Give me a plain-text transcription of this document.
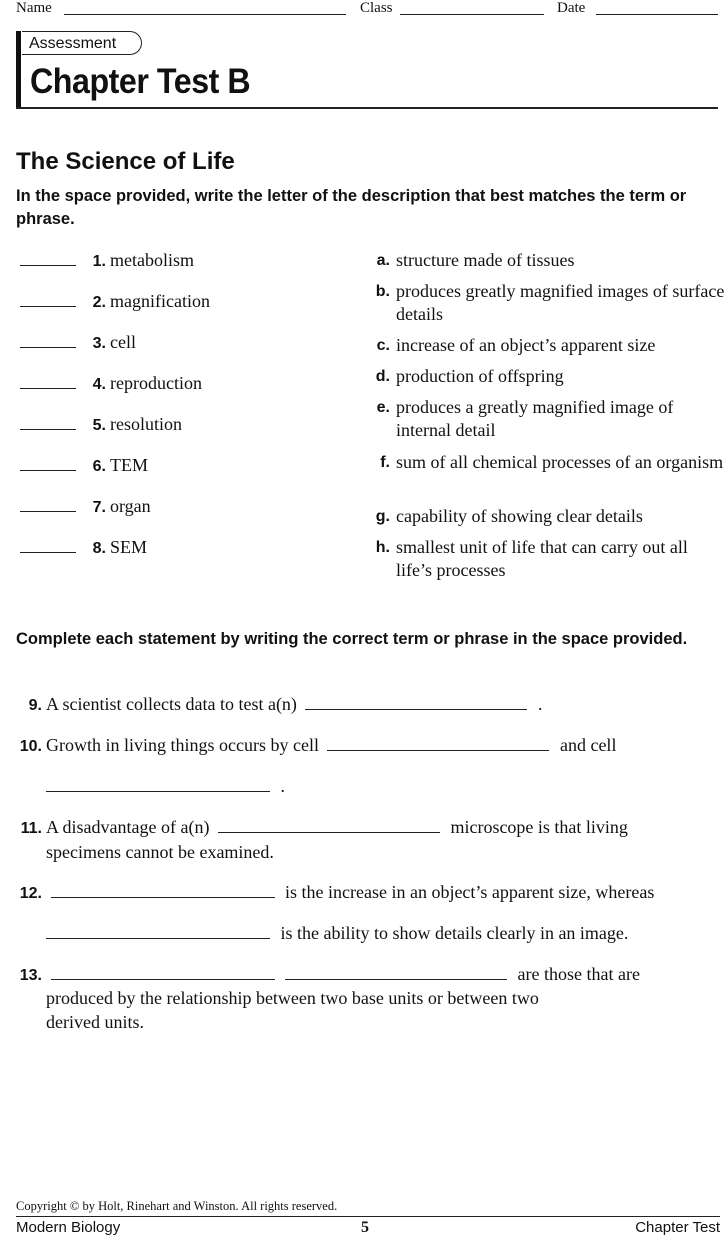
Name	Class	Date
Assessment
Chapter Test B
The Science of Life
In the space provided, write the letter of the description that best matches the term or phrase.
1. metabolism
2. magnification
3. cell
4. reproduction
5. resolution
6. TEM
7. organ
8. SEM
a. structure made of tissues
b. produces greatly magnified images of surface details
c. increase of an object’s apparent size
d. production of offspring
e. produces a greatly magnified image of internal detail
f. sum of all chemical processes of an organism
g. capability of showing clear details
h. smallest unit of life that can carry out all life’s processes
Complete each statement by writing the correct term or phrase in the space provided.
9. A scientist collects data to test a(n)	.
10. Growth in living things occurs by cell	and cell
.
11. A disadvantage of a(n)	microscope is that living
specimens cannot be examined.
12.	is the increase in an object’s apparent size, whereas
is the ability to show details clearly in an image.
13.	are those that are
produced by the relationship between two base units or between two
derived units.
Copyright © by Holt, Rinehart and Winston. All rights reserved.
Modern Biology	5	Chapter Test
